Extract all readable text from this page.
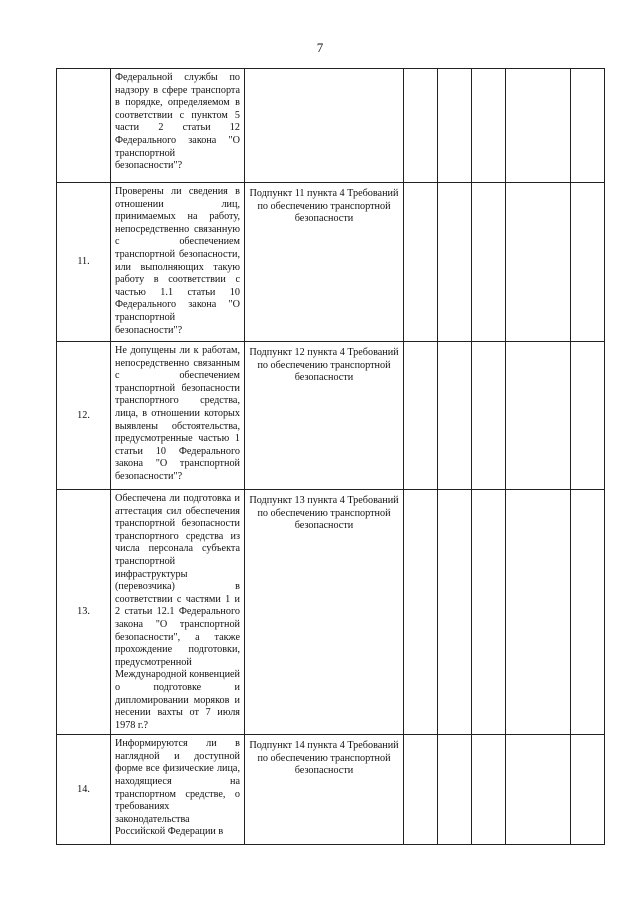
7
	Федеральной службы по надзору в сфере транспорта в порядке, определяемом в соответствии с пунктом 5 части 2 статьи 12 Федерального закона "О транспортной безопасности"?						
11.	Проверены ли сведения в отношении лиц, принимаемых на работу, непосредственно связанную с обеспечением транспортной безопасности, или выполняющих такую работу в соответствии с частью 1.1 статьи 10 Федерального закона "О транспортной безопасности"?	Подпункт 11 пункта 4 Требований по обеспечению транспортной безопасности					
12.	Не допущены ли к работам, непосредственно связанным с обеспечением транспортной безопасности транспортного средства, лица, в отношении которых выявлены обстоятельства, предусмотренные частью 1 статьи 10 Федерального закона "О транспортной безопасности"?	Подпункт 12 пункта 4 Требований по обеспечению транспортной безопасности					
13.	Обеспечена ли подготовка и аттестация сил обеспечения транспортной безопасности транспортного средства из числа персонала субъекта транспортной инфраструктуры (перевозчика) в соответствии с частями 1 и 2 статьи 12.1 Федерального закона "О транспортной безопасности", а также прохождение подготовки, предусмотренной Международной конвенцией о подготовке и дипломировании моряков и несении вахты от 7 июля 1978 г.?	Подпункт 13 пункта 4 Требований по обеспечению транспортной безопасности					
14.	Информируются ли в наглядной и доступной форме все физические лица, находящиеся на транспортном средстве, о требованиях законодательства Российской Федерации в	Подпункт 14 пункта 4 Требований по обеспечению транспортной безопасности					
